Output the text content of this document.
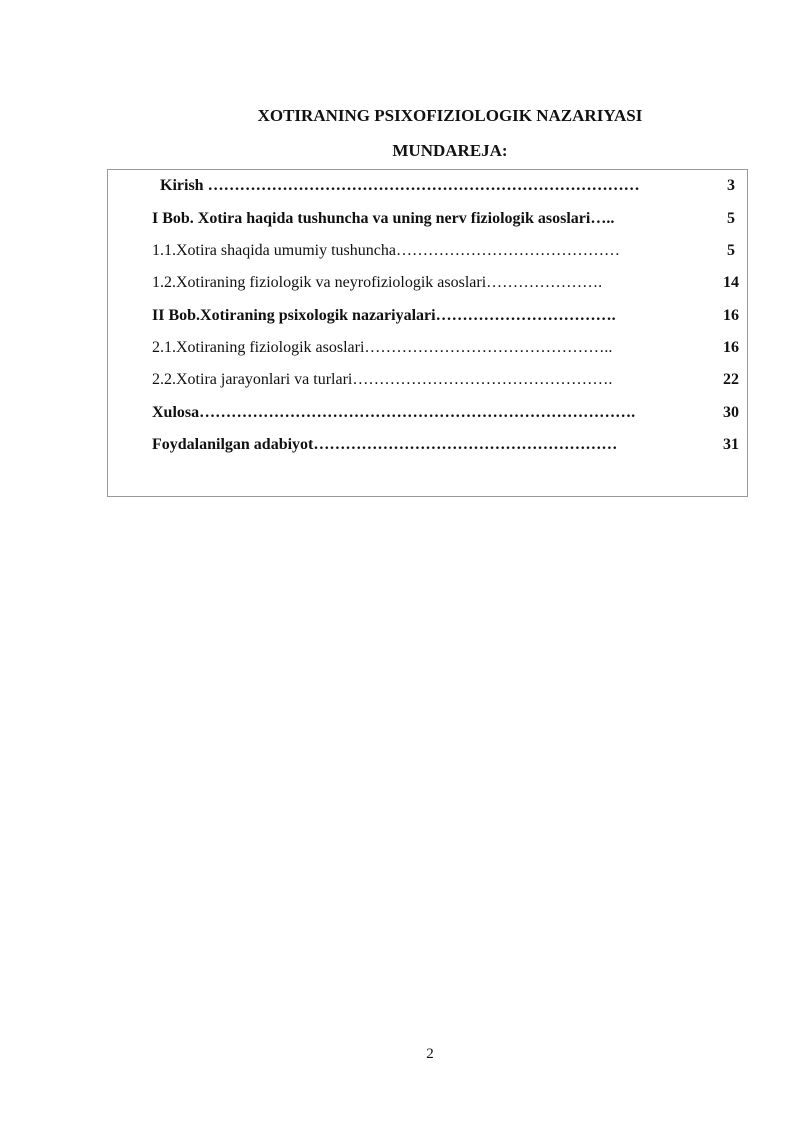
XOTIRANING PSIXOFIZIOLOGIK NAZARIYASI
MUNDAREJA:
Kirish ………………………………………………………………………	3
I Bob. Xotira haqida tushuncha va uning nerv fiziologik asoslari…..	5
1.1.Xotira shaqida umumiy tushuncha……………………………………	5
1.2.Xotiraning fiziologik va neyrofiziologik asoslari………………….	14
II Bob.Xotiraning psixologik nazariyalari…………………………….	16
2.1.Xotiraning fiziologik asoslari………………………………………..	16
2.2.Xotira jarayonlari va turlari………………………………………….	22
Xulosa……………………………………………………………………….	30
Foydalanilgan adabiyot…………………………………………………	31
2
